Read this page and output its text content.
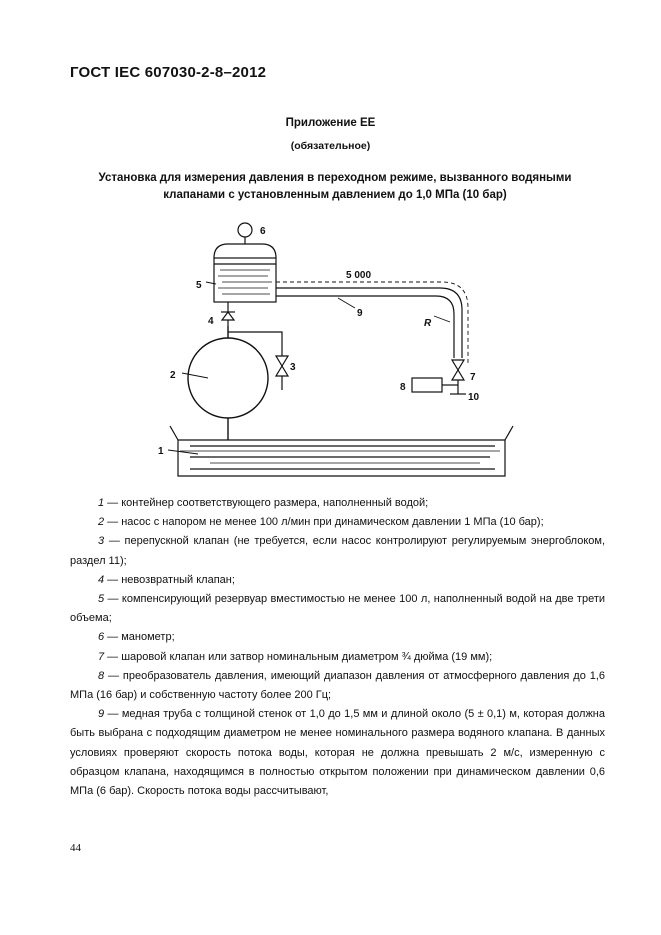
ГОСТ IEC 607030-2-8–2012
Приложение ЕЕ
(обязательное)
Установка для измерения давления в переходном режиме, вызванного водяными клапанами с установленным давлением до 1,0 МПа (10 бар)
1
2
3
4
5
6
7
8
9
10
5 000
R

1 — контейнер соответствующего размера, наполненный водой;

2 — насос с напором не менее 100 л/мин при динамическом давлении 1 МПа (10 бар);

3 — перепускной клапан (не требуется, если насос контролируют регулируемым энергоблоком, раздел 11);

4 — невозвратный клапан;

5 — компенсирующий резервуар вместимостью не менее 100 л, наполненный водой на две трети объема;

6 — манометр;

7 — шаровой клапан или затвор номинальным диаметром ¾ дюйма (19 мм);

8 — преобразователь давления, имеющий диапазон давления от атмосферного давления до 1,6 МПа (16 бар) и собственную частоту более 200 Гц;

9 — медная труба с толщиной стенок от 1,0 до 1,5 мм и длиной около (5 ± 0,1) м, которая должна быть выбрана с подходящим диаметром не менее номинального размера водяного клапана. В данных условиях проверяют скорость потока воды, которая не должна превышать 2 м/с, измеренную с образцом клапана, находящимся в полностью открытом положении при динамическом давлении 0,6 МПа (6 бар). Скорость потока воды рассчитывают,

44
